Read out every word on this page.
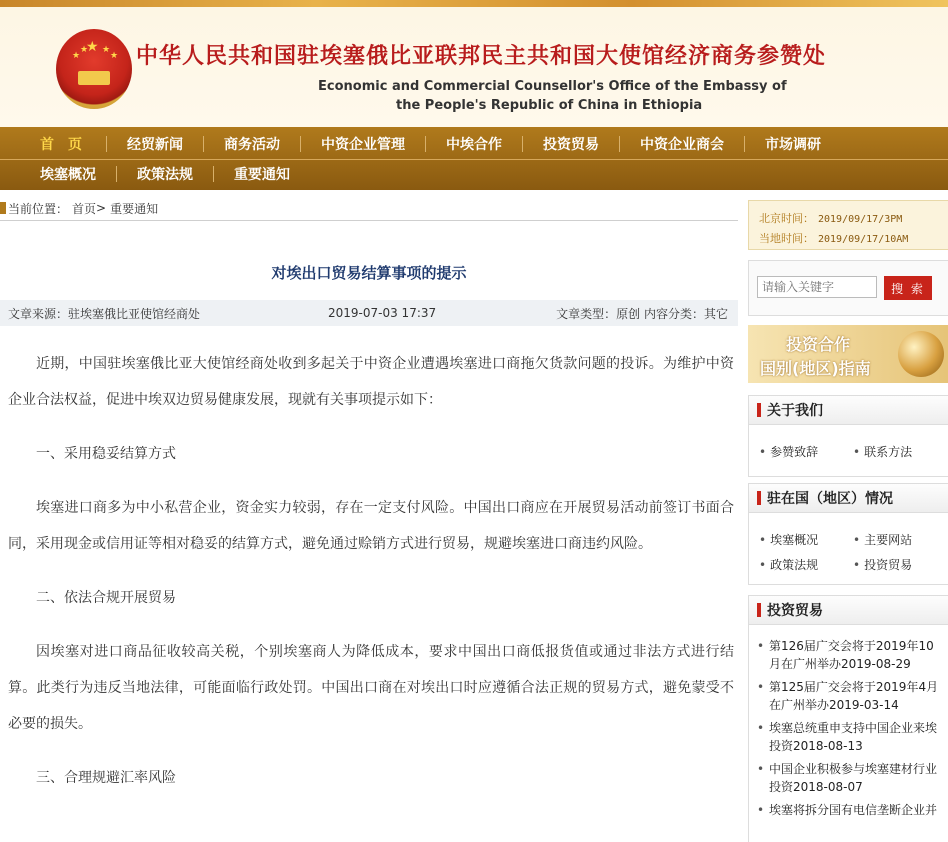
★
★
★ ★
★ 中华人民共和国驻埃塞俄比亚联邦民主共和国大使馆经济商务参赞处
Economic and Commercial Counsellor's Office of the Embassy of
the People's Republic of China in Ethiopia
首　页	经贸新闻	商务活动	中资企业管理	中埃合作	投资贸易	中资企业商会	市场调研
埃塞概况	政策法规	重要通知
当前位置： 首页 > 重要通知
对埃出口贸易结算事项的提示
文章来源：驻埃塞俄比亚使馆经商处	2019-07-03 17:37	文章类型：原创 内容分类：其它

近期，中国驻埃塞俄比亚大使馆经商处收到多起关于中资企业遭遇埃塞进口商拖欠货款问题的投诉。为维护中资企业合法权益，促进中埃双边贸易健康发展，现就有关事项提示如下：

一、采用稳妥结算方式

埃塞进口商多为中小私营企业，资金实力较弱，存在一定支付风险。中国出口商应在开展贸易活动前签订书面合同，采用现金或信用证等相对稳妥的结算方式，避免通过赊销方式进行贸易，规避埃塞进口商违约风险。

二、依法合规开展贸易

因埃塞对进口商品征收较高关税，个别埃塞商人为降低成本，要求中国出口商低报货值或通过非法方式进行结算。此类行为违反当地法律，可能面临行政处罚。中国出口商在对埃出口时应遵循合法正规的贸易方式，避免蒙受不必要的损失。

三、合理规避汇率风险

北京时间： 2019/09/17/3PM
当地时间： 2019/09/17/10AM
请输入关键字
搜 索
投资合作
国别(地区)指南
关于我们
• 参赞致辞	• 联系方法
驻在国（地区）情况
• 埃塞概况	• 主要网站
• 政策法规	• 投资贸易
投资贸易
• 第126届广交会将于2019年10月在广州举办2019-08-29
• 第125届广交会将于2019年4月在广州举办2019-03-14
• 埃塞总统重申支持中国企业来埃投资2018-08-13
• 中国企业积极参与埃塞建材行业投资2018-08-07
• 埃塞将拆分国有电信垄断企业并
